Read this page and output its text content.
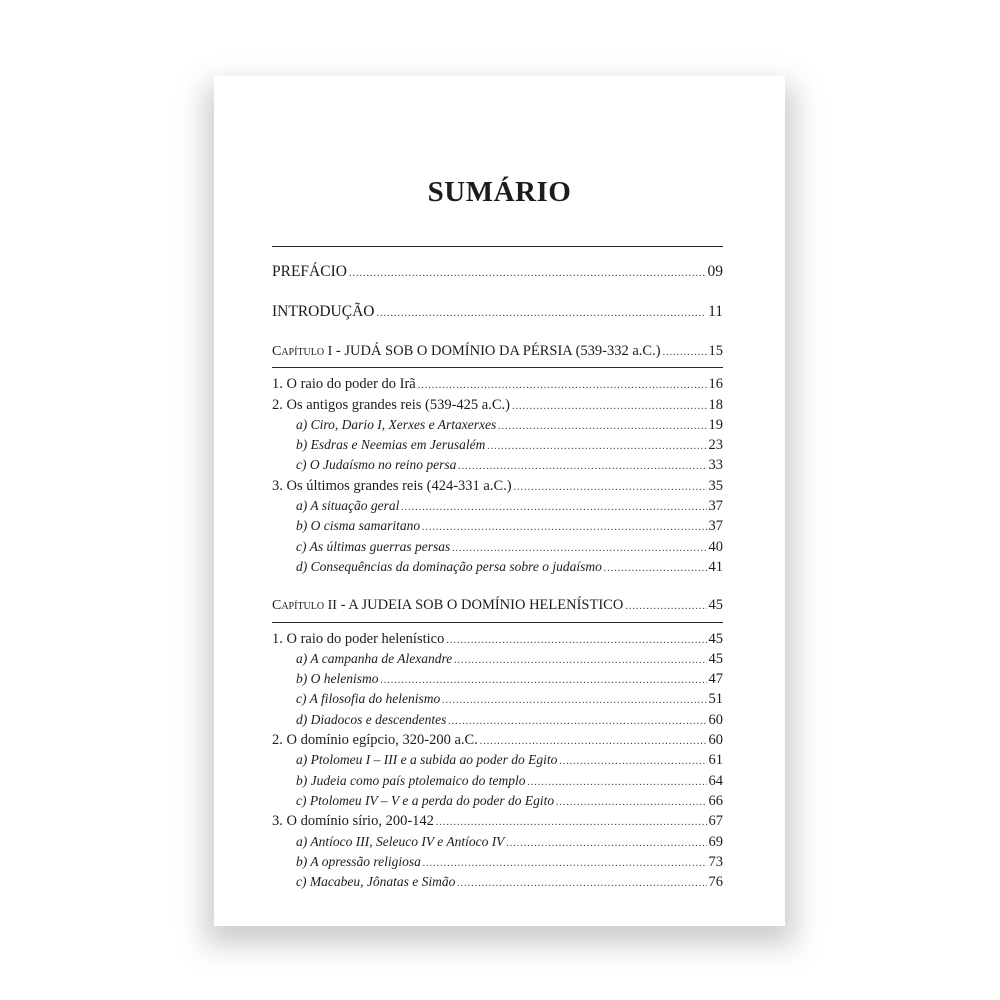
SUMÁRIO
PREFÁCIO .....	09
INTRODUÇÃO .....	11
Capítulo I - JUDÁ SOB O DOMÍNIO DA PÉRSIA (539-332 a.C.) .....	15
1. O raio do poder do Irã .....	16
2. Os antigos grandes reis (539-425 a.C.) .....	18
a) Ciro, Dario I, Xerxes e Artaxerxes .....	19
b) Esdras e Neemias em Jerusalém .....	23
c) O Judaísmo no reino persa .....	33
3. Os últimos grandes reis (424-331 a.C.) .....	35
a) A situação geral .....	37
b) O cisma samaritano .....	37
c) As últimas guerras persas .....	40
d) Consequências da dominação persa sobre o judaísmo .....	41
Capítulo II - A JUDEIA SOB O DOMÍNIO HELENÍSTICO .....	45
1. O raio do poder helenístico .....	45
a) A campanha de Alexandre .....	45
b) O helenismo .....	47
c) A filosofia do helenismo .....	51
d) Diadocos e descendentes .....	60
2. O domínio egípcio, 320-200 a.C. .....	60
a) Ptolomeu I – III e a subida ao poder do Egito .....	61
b) Judeia como país ptolemaico do templo .....	64
c) Ptolomeu IV – V e a perda do poder do Egito .....	66
3. O domínio sírio, 200-142 .....	67
a) Antíoco III, Seleuco IV e Antíoco IV .....	69
b) A opressão religiosa .....	73
c) Macabeu, Jônatas e Simão .....	76
